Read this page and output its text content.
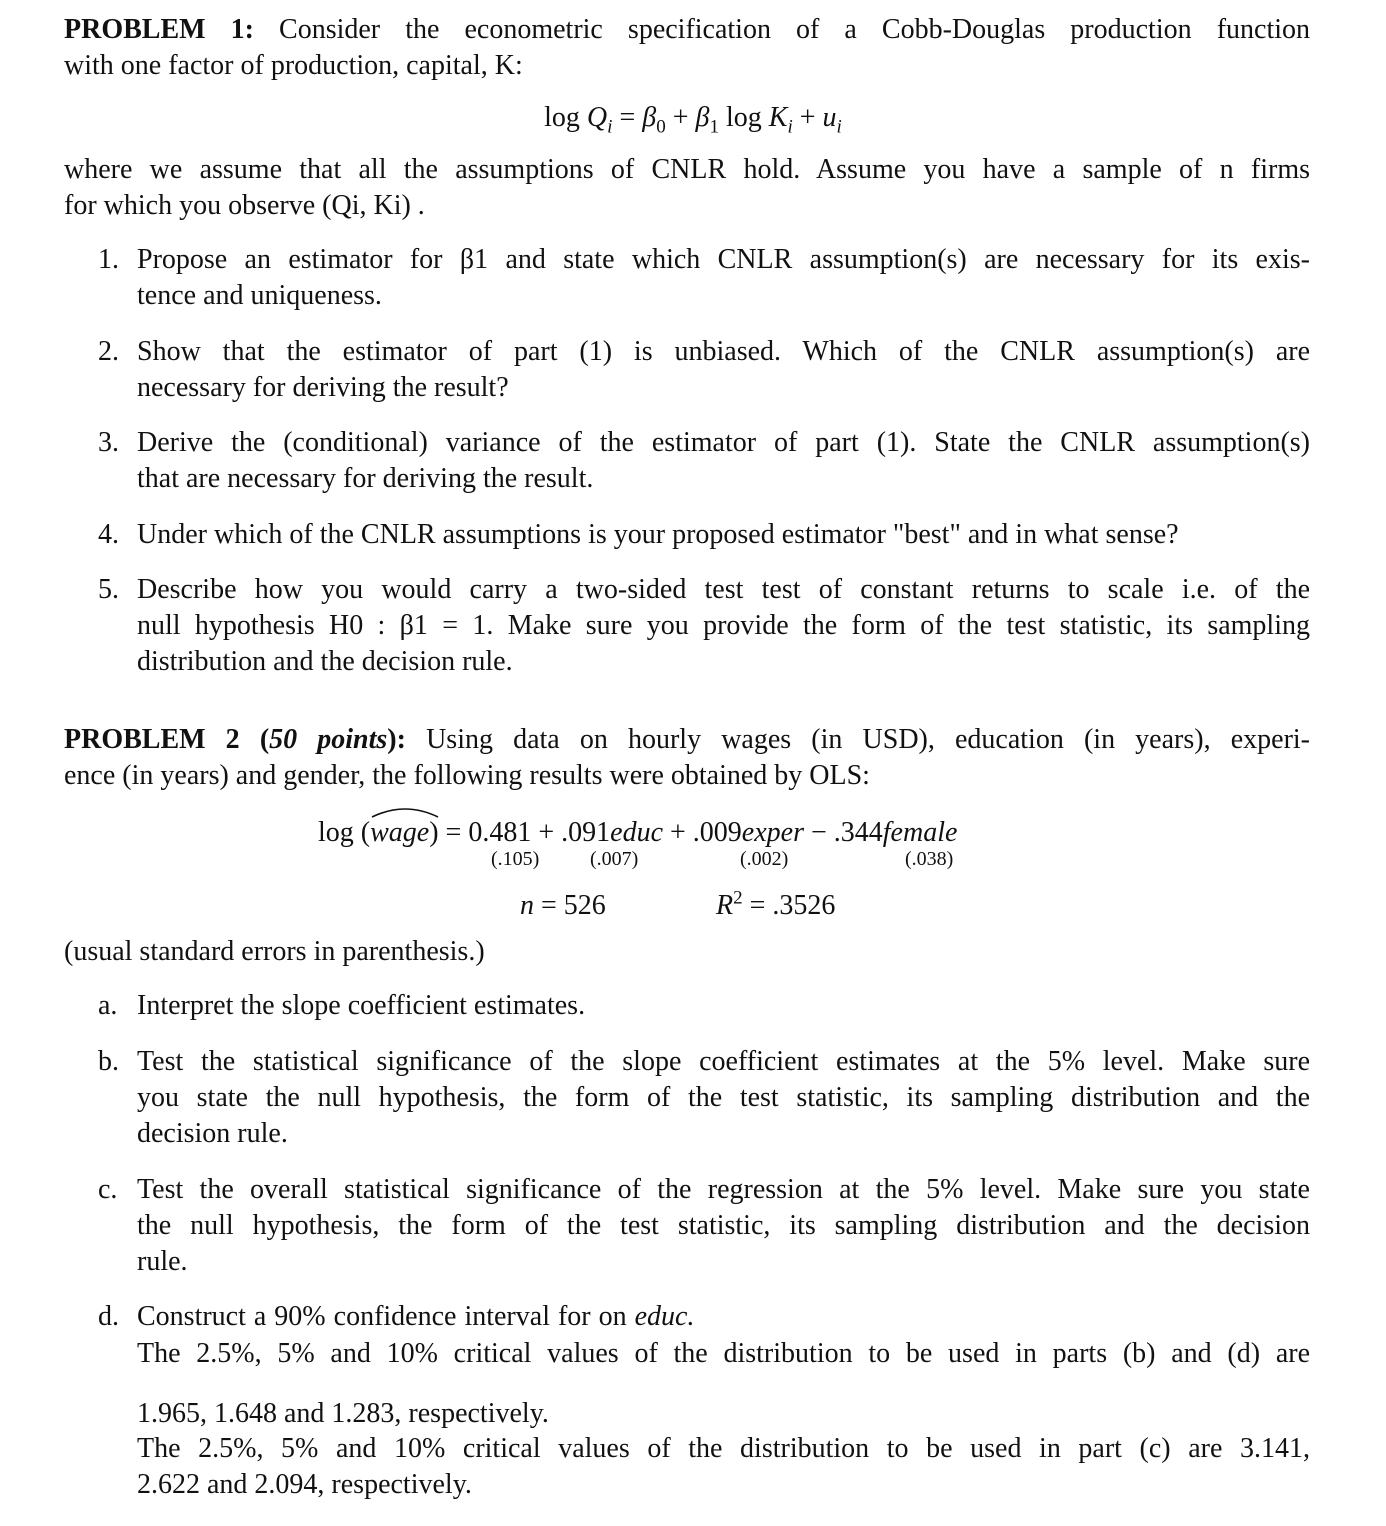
PROBLEM 1: Consider the econometric specification of a Cobb-Douglas production function
with one factor of production, capital, K:
$\log Q_i = \beta_0 + \beta_1$ $\log K_i + u_i$
where we assume that all the assumptions of CNLR hold. Assume you have a sample of n firms
for which you observe (Qi, Ki) .
1. Propose an estimator for β1 and state which CNLR assumption(s) are necessary for its exis-
tence and uniqueness.
2. Show that the estimator of part (1) is unbiased. Which of the CNLR assumption(s) are
necessary for deriving the result?
3. Derive the (conditional) variance of the estimator of part (1). State the CNLR assumption(s)
that are necessary for deriving the result.
4. Under which of the CNLR assumptions is your proposed estimator "best" and in what sense?
5. Describe how you would carry a two-sided test test of constant returns to scale i.e. of the
null hypothesis H0 : β1 = 1. Make sure you provide the form of the test statistic, its sampling
distribution and the decision rule.
PROBLEM 2 (50 points): Using data on hourly wages (in USD), education (in years), experi-
ence (in years) and gender, the following results were obtained by OLS:
log (
wage) = 0.481 + .091educ + .009exper − .344female
(.105)	(.007)	(.002)	(.038)
n = 526	$R^2 = .3526$
(usual standard errors in parenthesis.)
a. Interpret the slope coefficient estimates.
b. Test the statistical significance of the slope coefficient estimates at the 5% level. Make sure
you state the null hypothesis, the form of the test statistic, its sampling distribution and the
decision rule.
c. Test the overall statistical significance of the regression at the 5% level. Make sure you state
the null hypothesis, the form of the test statistic, its sampling distribution and the decision
rule.
d. Construct a 90% confidence interval for on educ.
The 2.5%, 5% and 10% critical values of the distribution to be used in parts (b) and (d) are
1.965, 1.648 and 1.283, respectively.
The 2.5%, 5% and 10% critical values of the distribution to be used in part (c) are 3.141,
2.622 and 2.094, respectively.
